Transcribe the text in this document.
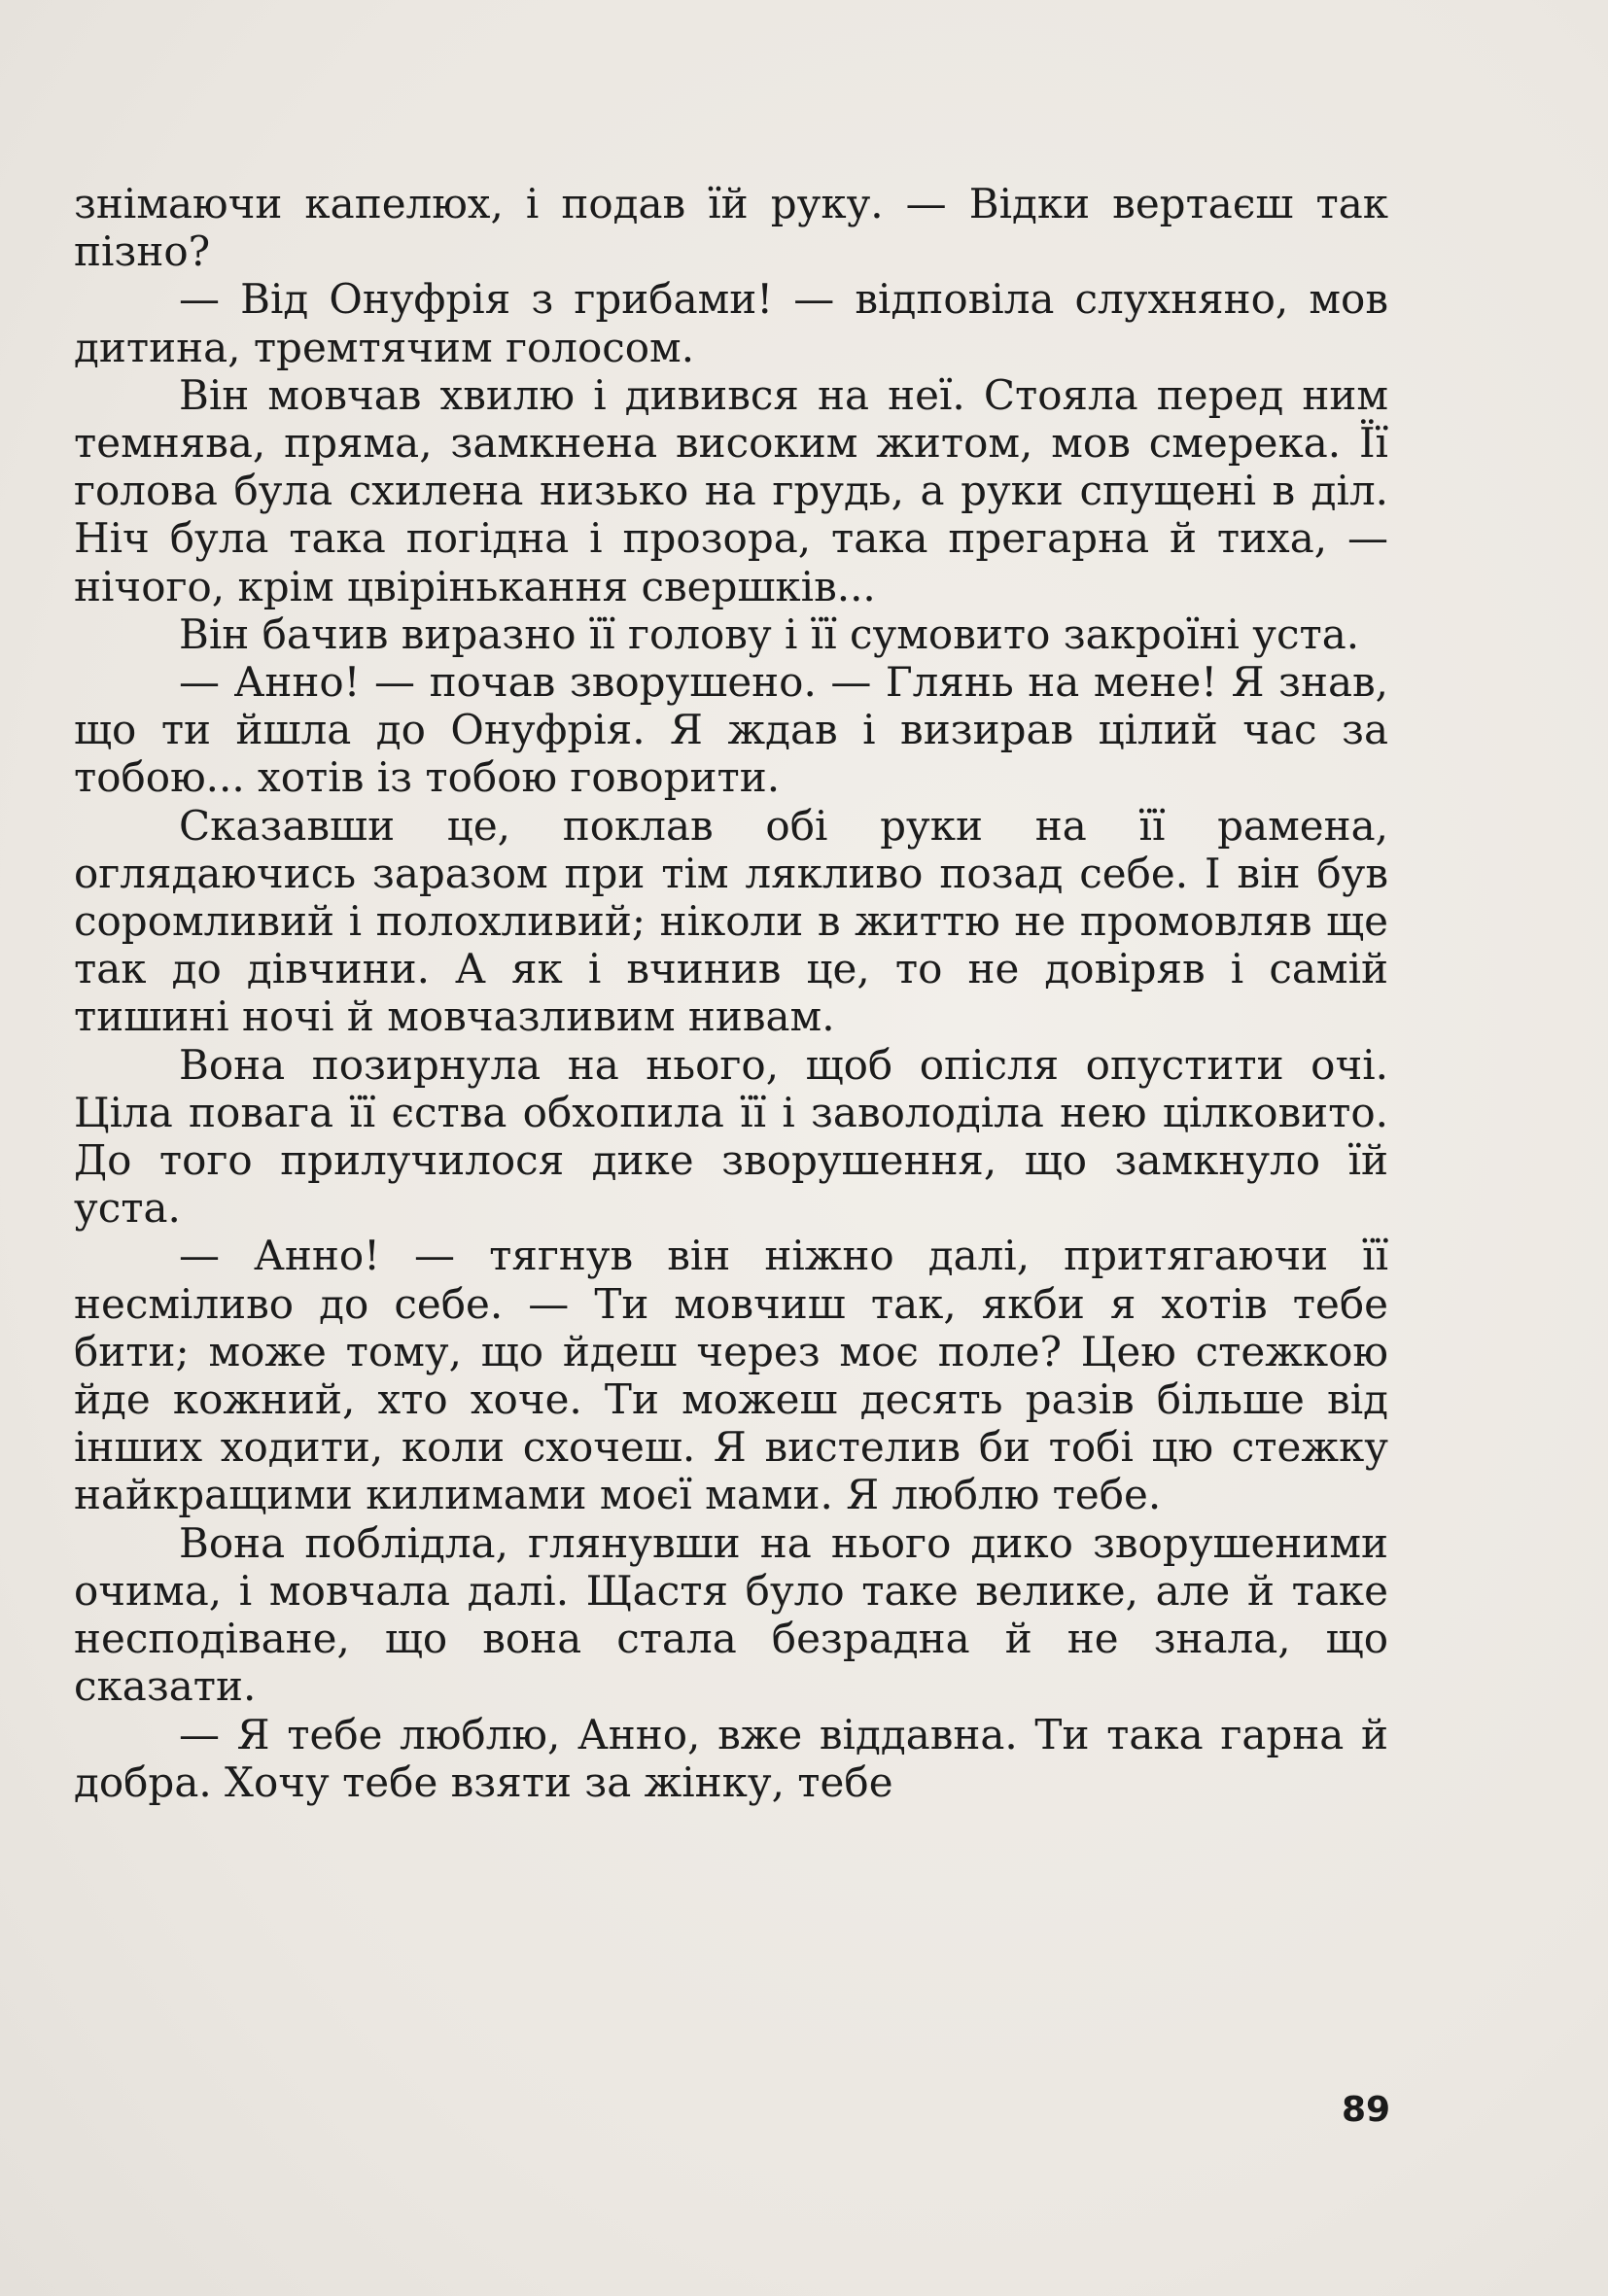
знімаючи капелюх, і подав їй руку. — Відки вертаєш так пізно?

— Від Онуфрія з грибами! — відповіла слухняно, мов дитина, тремтячим голосом.

Він мовчав хвилю і дивився на неї. Стояла перед ним темнява, пряма, замкнена високим житом, мов смерека. Її голова була схилена низько на грудь, а руки спущені в діл. Ніч була така погідна і прозора, така прегарна й тиха, — нічого, крім цвірінькання свершків...

Він бачив виразно її голову і її сумовито закроїні уста.

— Анно! — почав зворушено. — Глянь на мене! Я знав, що ти йшла до Онуфрія. Я ждав і визирав цілий час за тобою... хотів із тобою говорити.

Сказавши це, поклав обі руки на її рамена, оглядаючись заразом при тім лякливо позад себе. І він був соромливий і полохливий; ніколи в життю не промовляв ще так до дівчини. А як і вчинив це, то не довіряв і самій тишині ночі й мовчазливим нивам.

Вона позирнула на нього, щоб опісля опустити очі. Ціла повага її єства обхопила її і заволоділа нею цілковито. До того прилучилося дике зворушення, що замкнуло їй уста.

— Анно! — тягнув він ніжно далі, притягаючи її несміливо до себе. — Ти мовчиш так, якби я хотів тебе бити; може тому, що йдеш через моє поле? Цею стежкою йде кожний, хто хоче. Ти можеш десять разів більше від інших ходити, коли схочеш. Я вистелив би тобі цю стежку найкращими килимами моєї мами. Я люблю тебе.

Вона поблідла, глянувши на нього дико зворушеними очима, і мовчала далі. Щастя було таке велике, але й таке несподіване, що вона стала безрадна й не знала, що сказати.

— Я тебе люблю, Анно, вже віддавна. Ти така гарна й добра. Хочу тебе взяти за жінку, тебе

89
